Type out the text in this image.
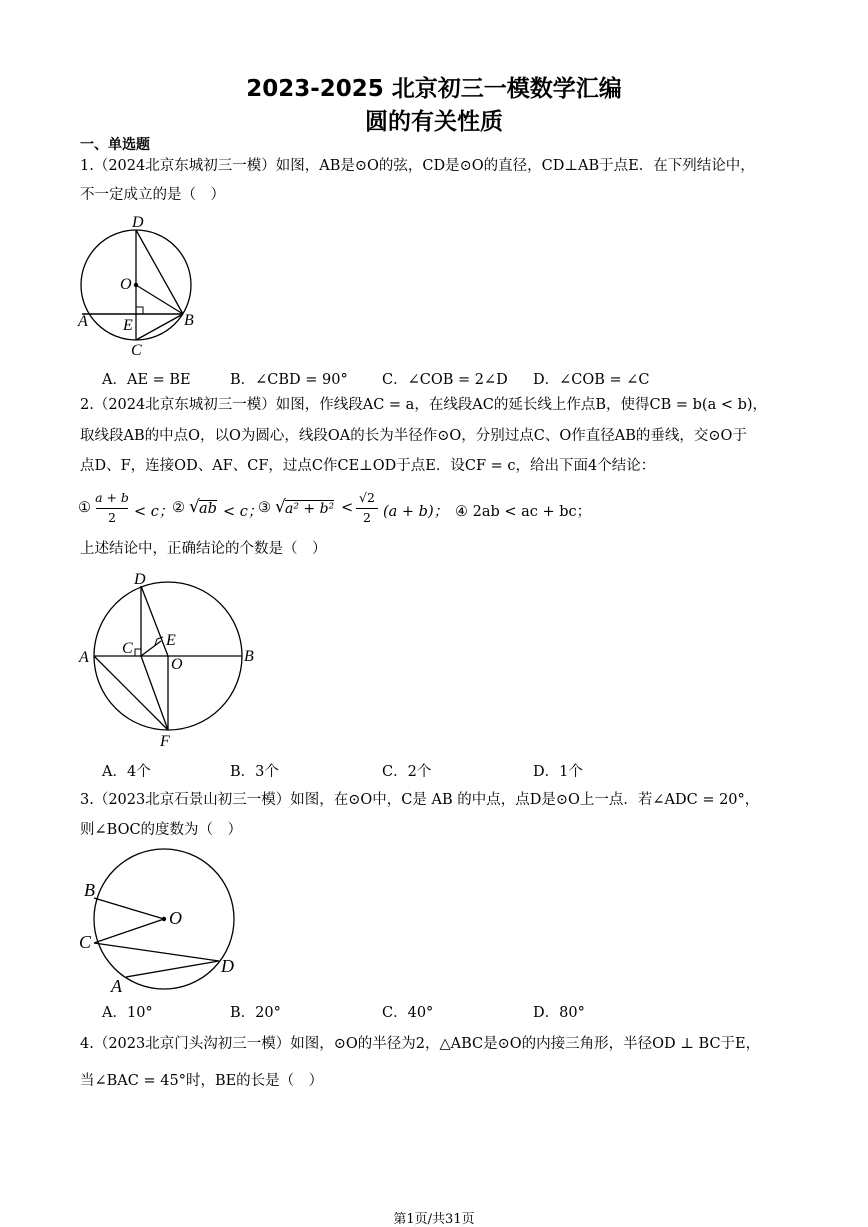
2023-2025 北京初三一模数学汇编
圆的有关性质
一、单选题
1.（2024北京东城初三一模）如图，AB是⊙O的弦，CD是⊙O的直径，CD⊥AB于点E．在下列结论中，
不一定成立的是（　）
D
O
A E	B
C
A．AE = BE	B．∠CBD = 90° C．∠COB = 2∠D D．∠COB = ∠C
2.（2024北京东城初三一模）如图，作线段AC = a，在线段AC的延长线上作点B，使得CB = b(a < b)，
取线段AB的中点O，以O为圆心，线段OA的长为半径作⊙O，分别过点C、O作直径AB的垂线，交⊙O于
点D、F，连接OD、AF、CF，过点C作CE⊥OD于点E．设CF = c，给出下面4个结论：
①
a + b
2	< c；
② √ ab < c；
③ √ a² + b² <
√2
2 (a + b)； ④ 2ab < ac + bc；
上述结论中，正确结论的个数是（　）
D
E
C
A	O	B
F
A．4个	B．3个	C．2个	D．1个
3.（2023北京石景山初三一模）如图，在⊙O中，C是 AB 的中点，点D是⊙O上一点．若∠ADC = 20°，
则∠BOC的度数为（　）
B
O
C
D
A
A．10°	B．20°	C．40°	D．80°
4.（2023北京门头沟初三一模）如图，⊙O的半径为2，△ABC是⊙O的内接三角形，半径OD ⊥ BC于E，
当∠BAC = 45°时，BE的长是（　）
第1页/共31页
